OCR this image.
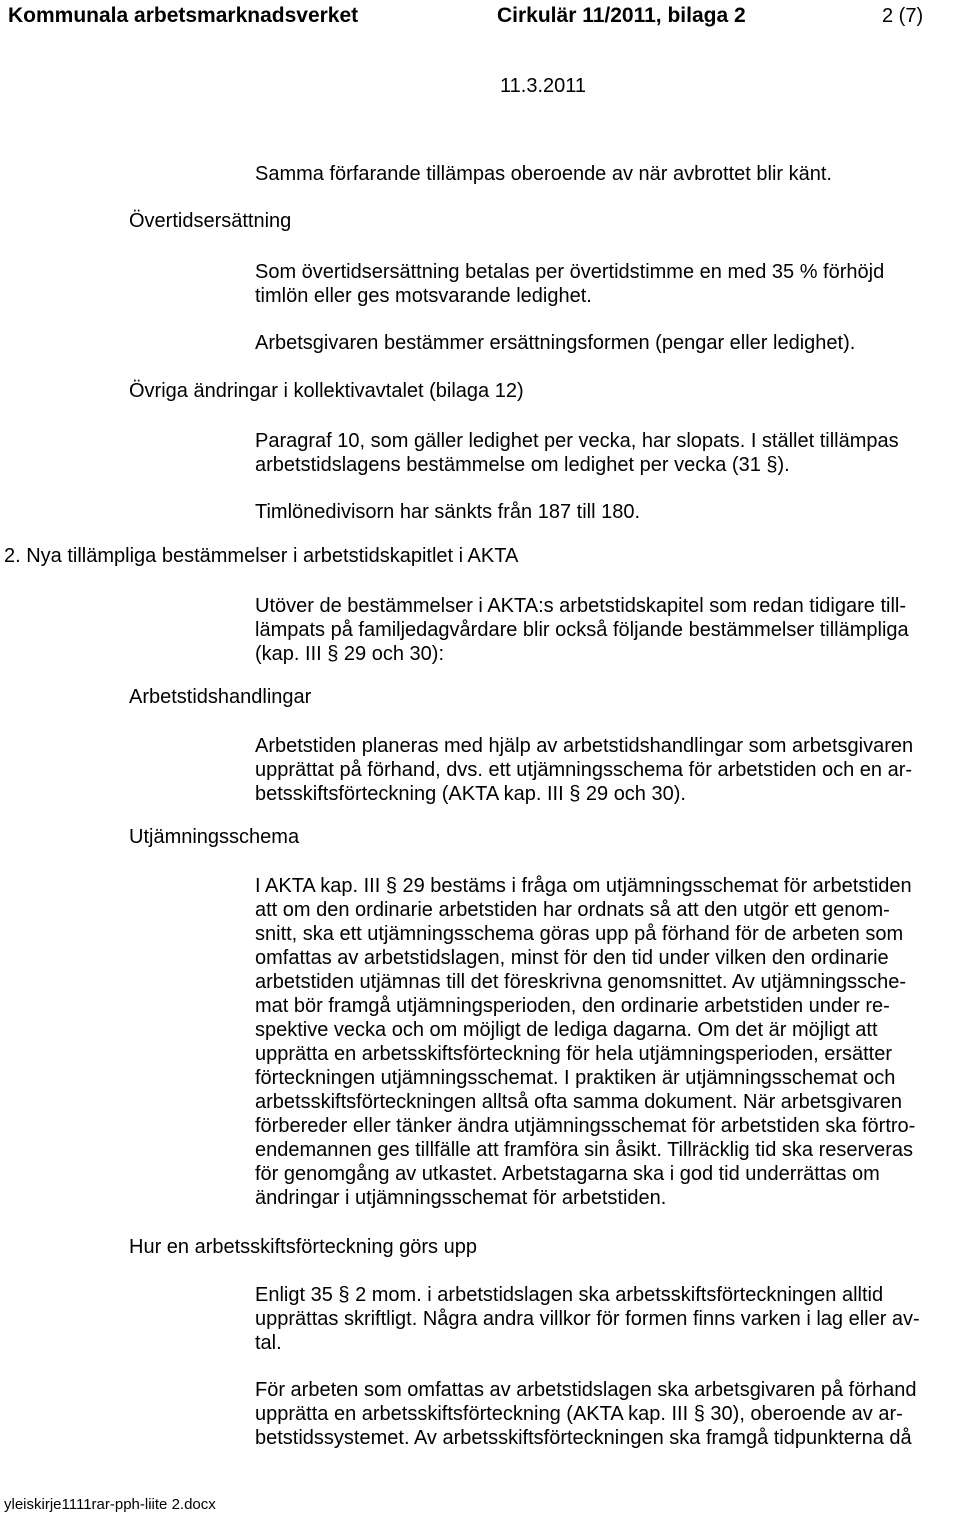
Kommunala arbetsmarknadsverket	Cirkulär 11/2011, bilaga 2	2 (7)
11.3.2011
Övertidsersättning
Övriga ändringar i kollektivavtalet (bilaga 12)
2. Nya tillämpliga bestämmelser i arbetstidskapitlet i AKTA
Arbetstidshandlingar
Utjämningsschema
Hur en arbetsskiftsförteckning görs upp

Samma förfarande tillämpas oberoende av när avbrottet blir känt.

Som övertidsersättning betalas per övertidstimme en med 35 % förhöjd

timlön eller ges motsvarande ledighet.

Arbetsgivaren bestämmer ersättningsformen (pengar eller ledighet).

Paragraf 10, som gäller ledighet per vecka, har slopats. I stället tillämpas

arbetstidslagens bestämmelse om ledighet per vecka (31 §).

Timlönedivisorn har sänkts från 187 till 180.

Utöver de bestämmelser i AKTA:s arbetstidskapitel som redan tidigare till-

lämpats på familjedagvårdare blir också följande bestämmelser tillämpliga

(kap. III § 29 och 30):

Arbetstiden planeras med hjälp av arbetstidshandlingar som arbetsgivaren

upprättat på förhand, dvs. ett utjämningsschema för arbetstiden och en ar-

betsskiftsförteckning (AKTA kap. III § 29 och 30).

I AKTA kap. III § 29 bestäms i fråga om utjämningsschemat för arbetstiden

att om den ordinarie arbetstiden har ordnats så att den utgör ett genom-

snitt, ska ett utjämningsschema göras upp på förhand för de arbeten som

omfattas av arbetstidslagen, minst för den tid under vilken den ordinarie

arbetstiden utjämnas till det föreskrivna genomsnittet. Av utjämningssche-

mat bör framgå utjämningsperioden, den ordinarie arbetstiden under re-

spektive vecka och om möjligt de lediga dagarna. Om det är möjligt att

upprätta en arbetsskiftsförteckning för hela utjämningsperioden, ersätter

förteckningen utjämningsschemat. I praktiken är utjämningsschemat och

arbetsskiftsförteckningen alltså ofta samma dokument. När arbetsgivaren

förbereder eller tänker ändra utjämningsschemat för arbetstiden ska förtro-

endemannen ges tillfälle att framföra sin åsikt. Tillräcklig tid ska reserveras

för genomgång av utkastet. Arbetstagarna ska i god tid underrättas om

ändringar i utjämningsschemat för arbetstiden.

Enligt 35 § 2 mom. i arbetstidslagen ska arbetsskiftsförteckningen alltid

upprättas skriftligt. Några andra villkor för formen finns varken i lag eller av-

tal.

För arbeten som omfattas av arbetstidslagen ska arbetsgivaren på förhand

upprätta en arbetsskiftsförteckning (AKTA kap. III § 30), oberoende av ar-

betstidssystemet. Av arbetsskiftsförteckningen ska framgå tidpunkterna då

yleiskirje1111rar-pph-liite 2.docx
